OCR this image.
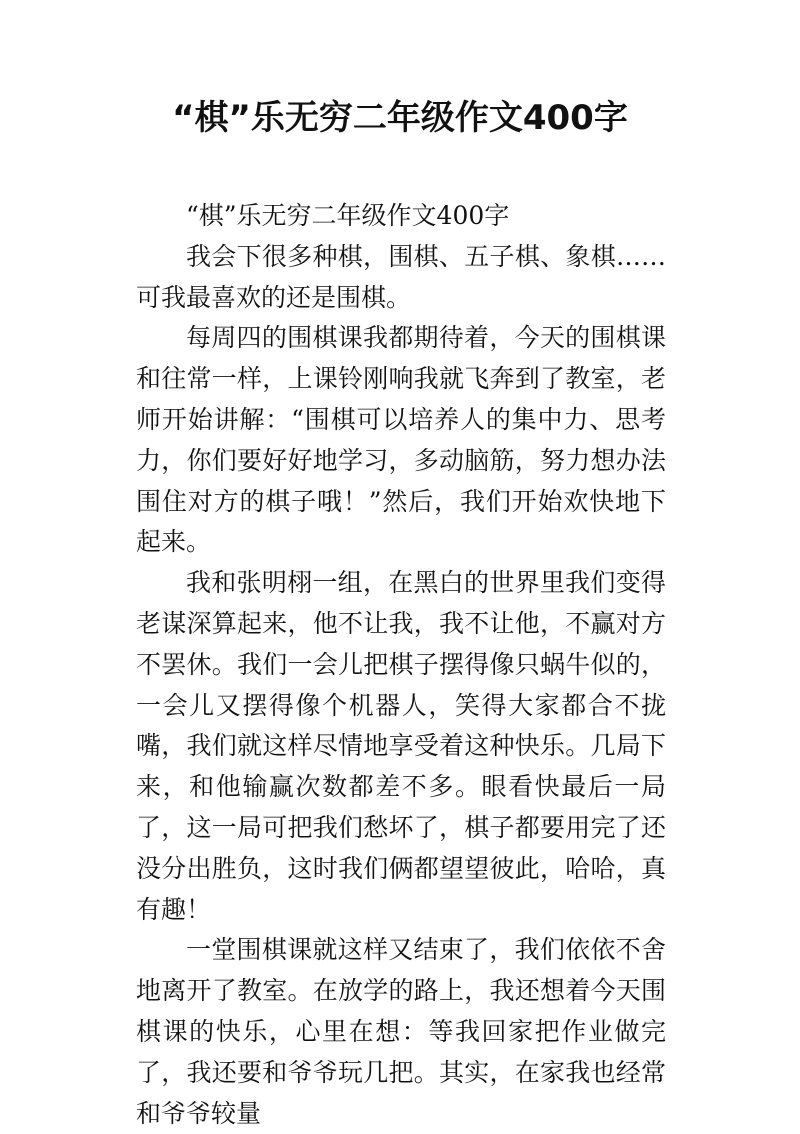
“棋”乐无穷二年级作文400字

“棋”乐无穷二年级作文400字

我会下很多种棋，围棋、五子棋、象棋……可我最喜欢的还是围棋。

每周四的围棋课我都期待着，今天的围棋课和往常一样，上课铃刚响我就飞奔到了教室，老师开始讲解：“围棋可以培养人的集中力、思考力，你们要好好地学习，多动脑筋，努力想办法围住对方的棋子哦！”然后，我们开始欢快地下起来。

我和张明栩一组，在黑白的世界里我们变得老谋深算起来，他不让我，我不让他，不赢对方不罢休。我们一会儿把棋子摆得像只蜗牛似的，一会儿又摆得像个机器人，笑得大家都合不拢嘴，我们就这样尽情地享受着这种快乐。几局下来，和他输赢次数都差不多。眼看快最后一局了，这一局可把我们愁坏了，棋子都要用完了还没分出胜负，这时我们俩都望望彼此，哈哈，真有趣！

一堂围棋课就这样又结束了，我们依依不舍地离开了教室。在放学的路上，我还想着今天围棋课的快乐，心里在想：等我回家把作业做完了，我还要和爷爷玩几把。其实，在家我也经常和爷爷较量
